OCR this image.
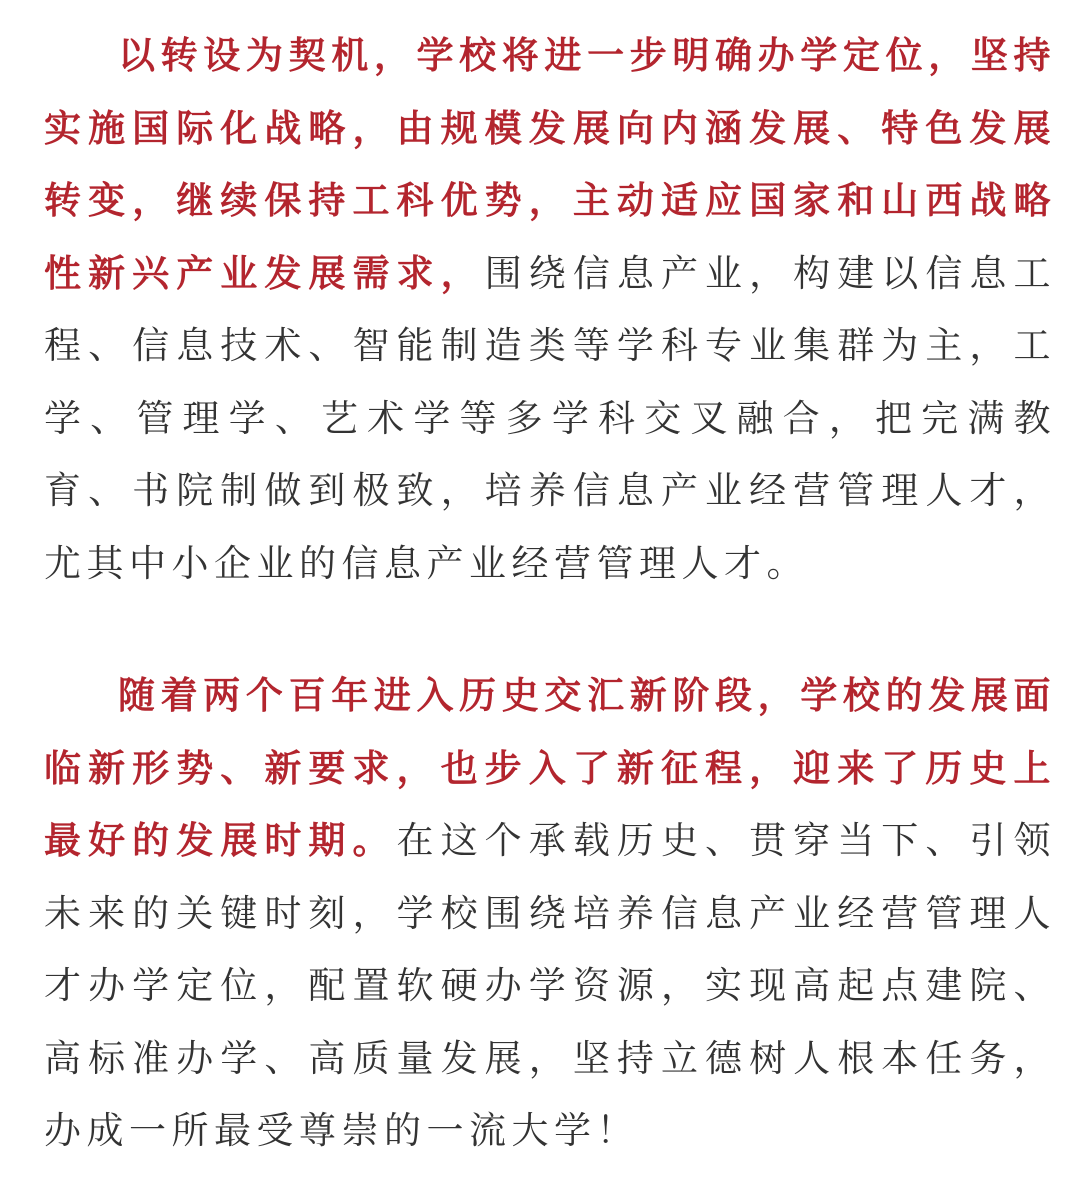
以转设为契机，学校将进一步明确办学定位，坚持实施国际化战略，由规模发展向内涵发展、特色发展转变，继续保持工科优势，主动适应国家和山西战略性新兴产业发展需求，围绕信息产业，构建以信息工程、信息技术、智能制造类等学科专业集群为主，工学、管理学、艺术学等多学科交叉融合，把完满教育、书院制做到极致，培养信息产业经营管理人才，尤其中小企业的信息产业经营管理人才。

随着两个百年进入历史交汇新阶段，学校的发展面临新形势、新要求，也步入了新征程，迎来了历史上最好的发展时期。在这个承载历史、贯穿当下、引领未来的关键时刻，学校围绕培养信息产业经营管理人才办学定位，配置软硬办学资源，实现高起点建院、高标准办学、高质量发展，坚持立德树人根本任务，办成一所最受尊崇的一流大学！
